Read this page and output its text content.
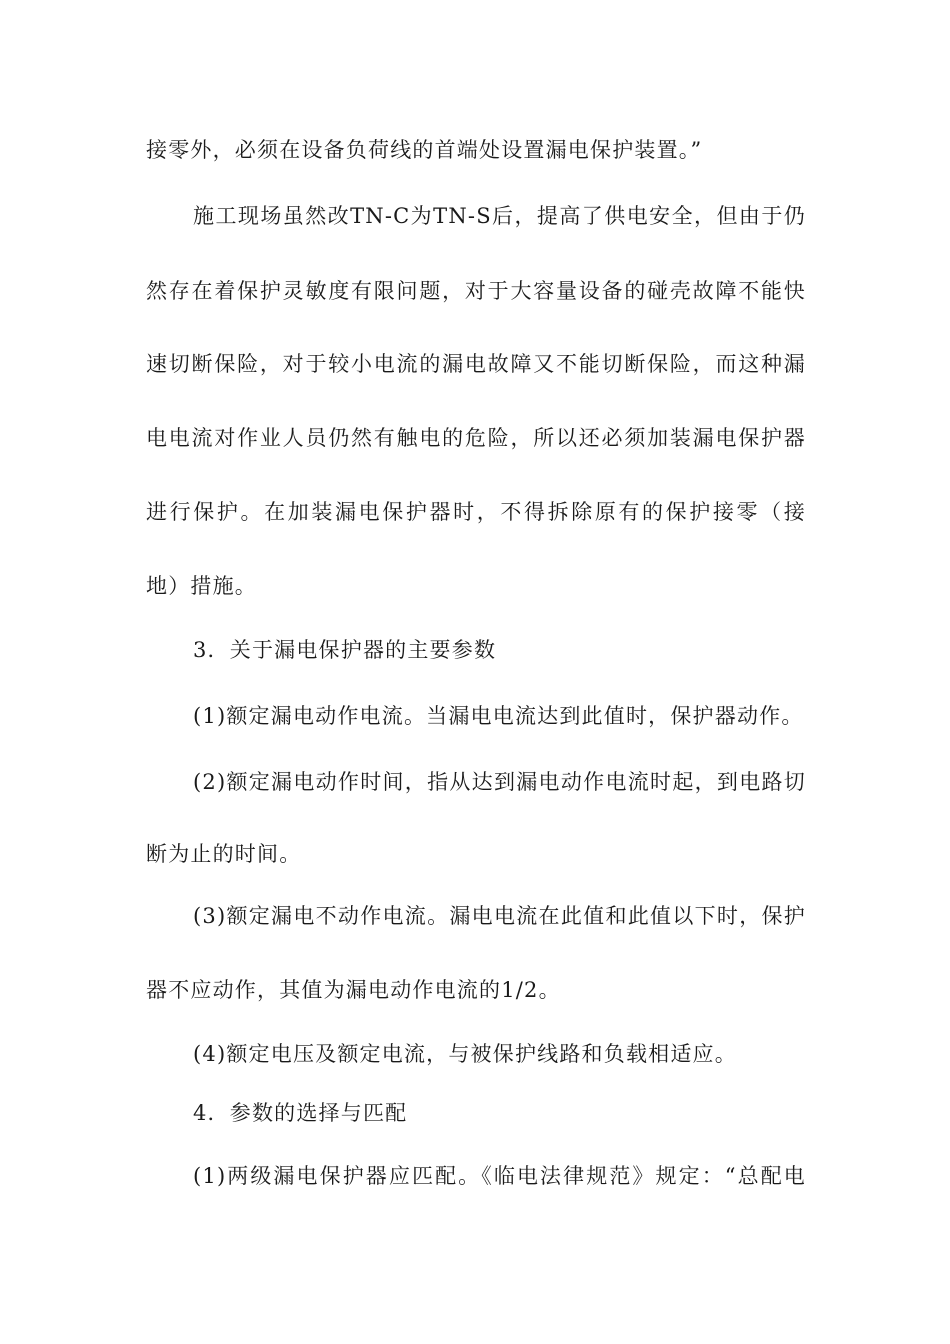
接零外，必须在设备负荷线的首端处设置漏电保护装置。”
施工现场虽然改TN-C为TN-S后，提高了供电安全，但由于仍
然存在着保护灵敏度有限问题，对于大容量设备的碰壳故障不能快
速切断保险，对于较小电流的漏电故障又不能切断保险，而这种漏
电电流对作业人员仍然有触电的危险，所以还必须加装漏电保护器
进行保护。在加装漏电保护器时，不得拆除原有的保护接零（接
地）措施。
3．关于漏电保护器的主要参数
(1)额定漏电动作电流。当漏电电流达到此值时，保护器动作。
(2)额定漏电动作时间，指从达到漏电动作电流时起，到电路切
断为止的时间。
(3)额定漏电不动作电流。漏电电流在此值和此值以下时，保护
器不应动作，其值为漏电动作电流的1/2。
(4)额定电压及额定电流，与被保护线路和负载相适应。
4．参数的选择与匹配
(1)两级漏电保护器应匹配。《临电法律规范》规定：“总配电
